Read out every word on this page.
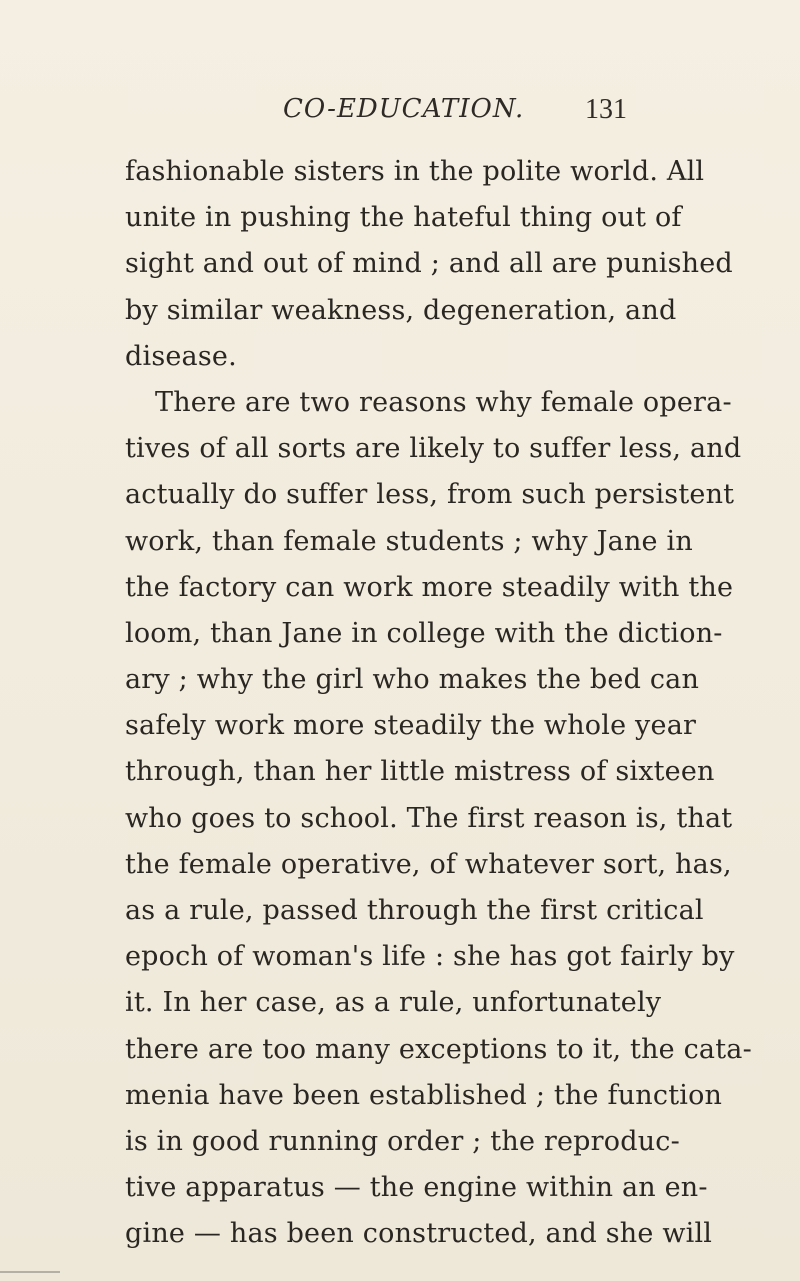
CO-EDUCATION. 131
fashionable sisters in the polite world. All
unite in pushing the hateful thing out of
sight and out of mind ; and all are punished
by similar weakness, degeneration, and
disease.
There are two reasons why female opera-
tives of all sorts are likely to suffer less, and
actually do suffer less, from such persistent
work, than female students ; why Jane in
the factory can work more steadily with the
loom, than Jane in college with the diction-
ary ; why the girl who makes the bed can
safely work more steadily the whole year
through, than her little mistress of sixteen
who goes to school. The first reason is, that
the female operative, of whatever sort, has,
as a rule, passed through the first critical
epoch of woman's life : she has got fairly by
it. In her case, as a rule, unfortunately
there are too many exceptions to it, the cata-
menia have been established ; the function
is in good running order ; the reproduc-
tive apparatus — the engine within an en-
gine — has been constructed, and she will
